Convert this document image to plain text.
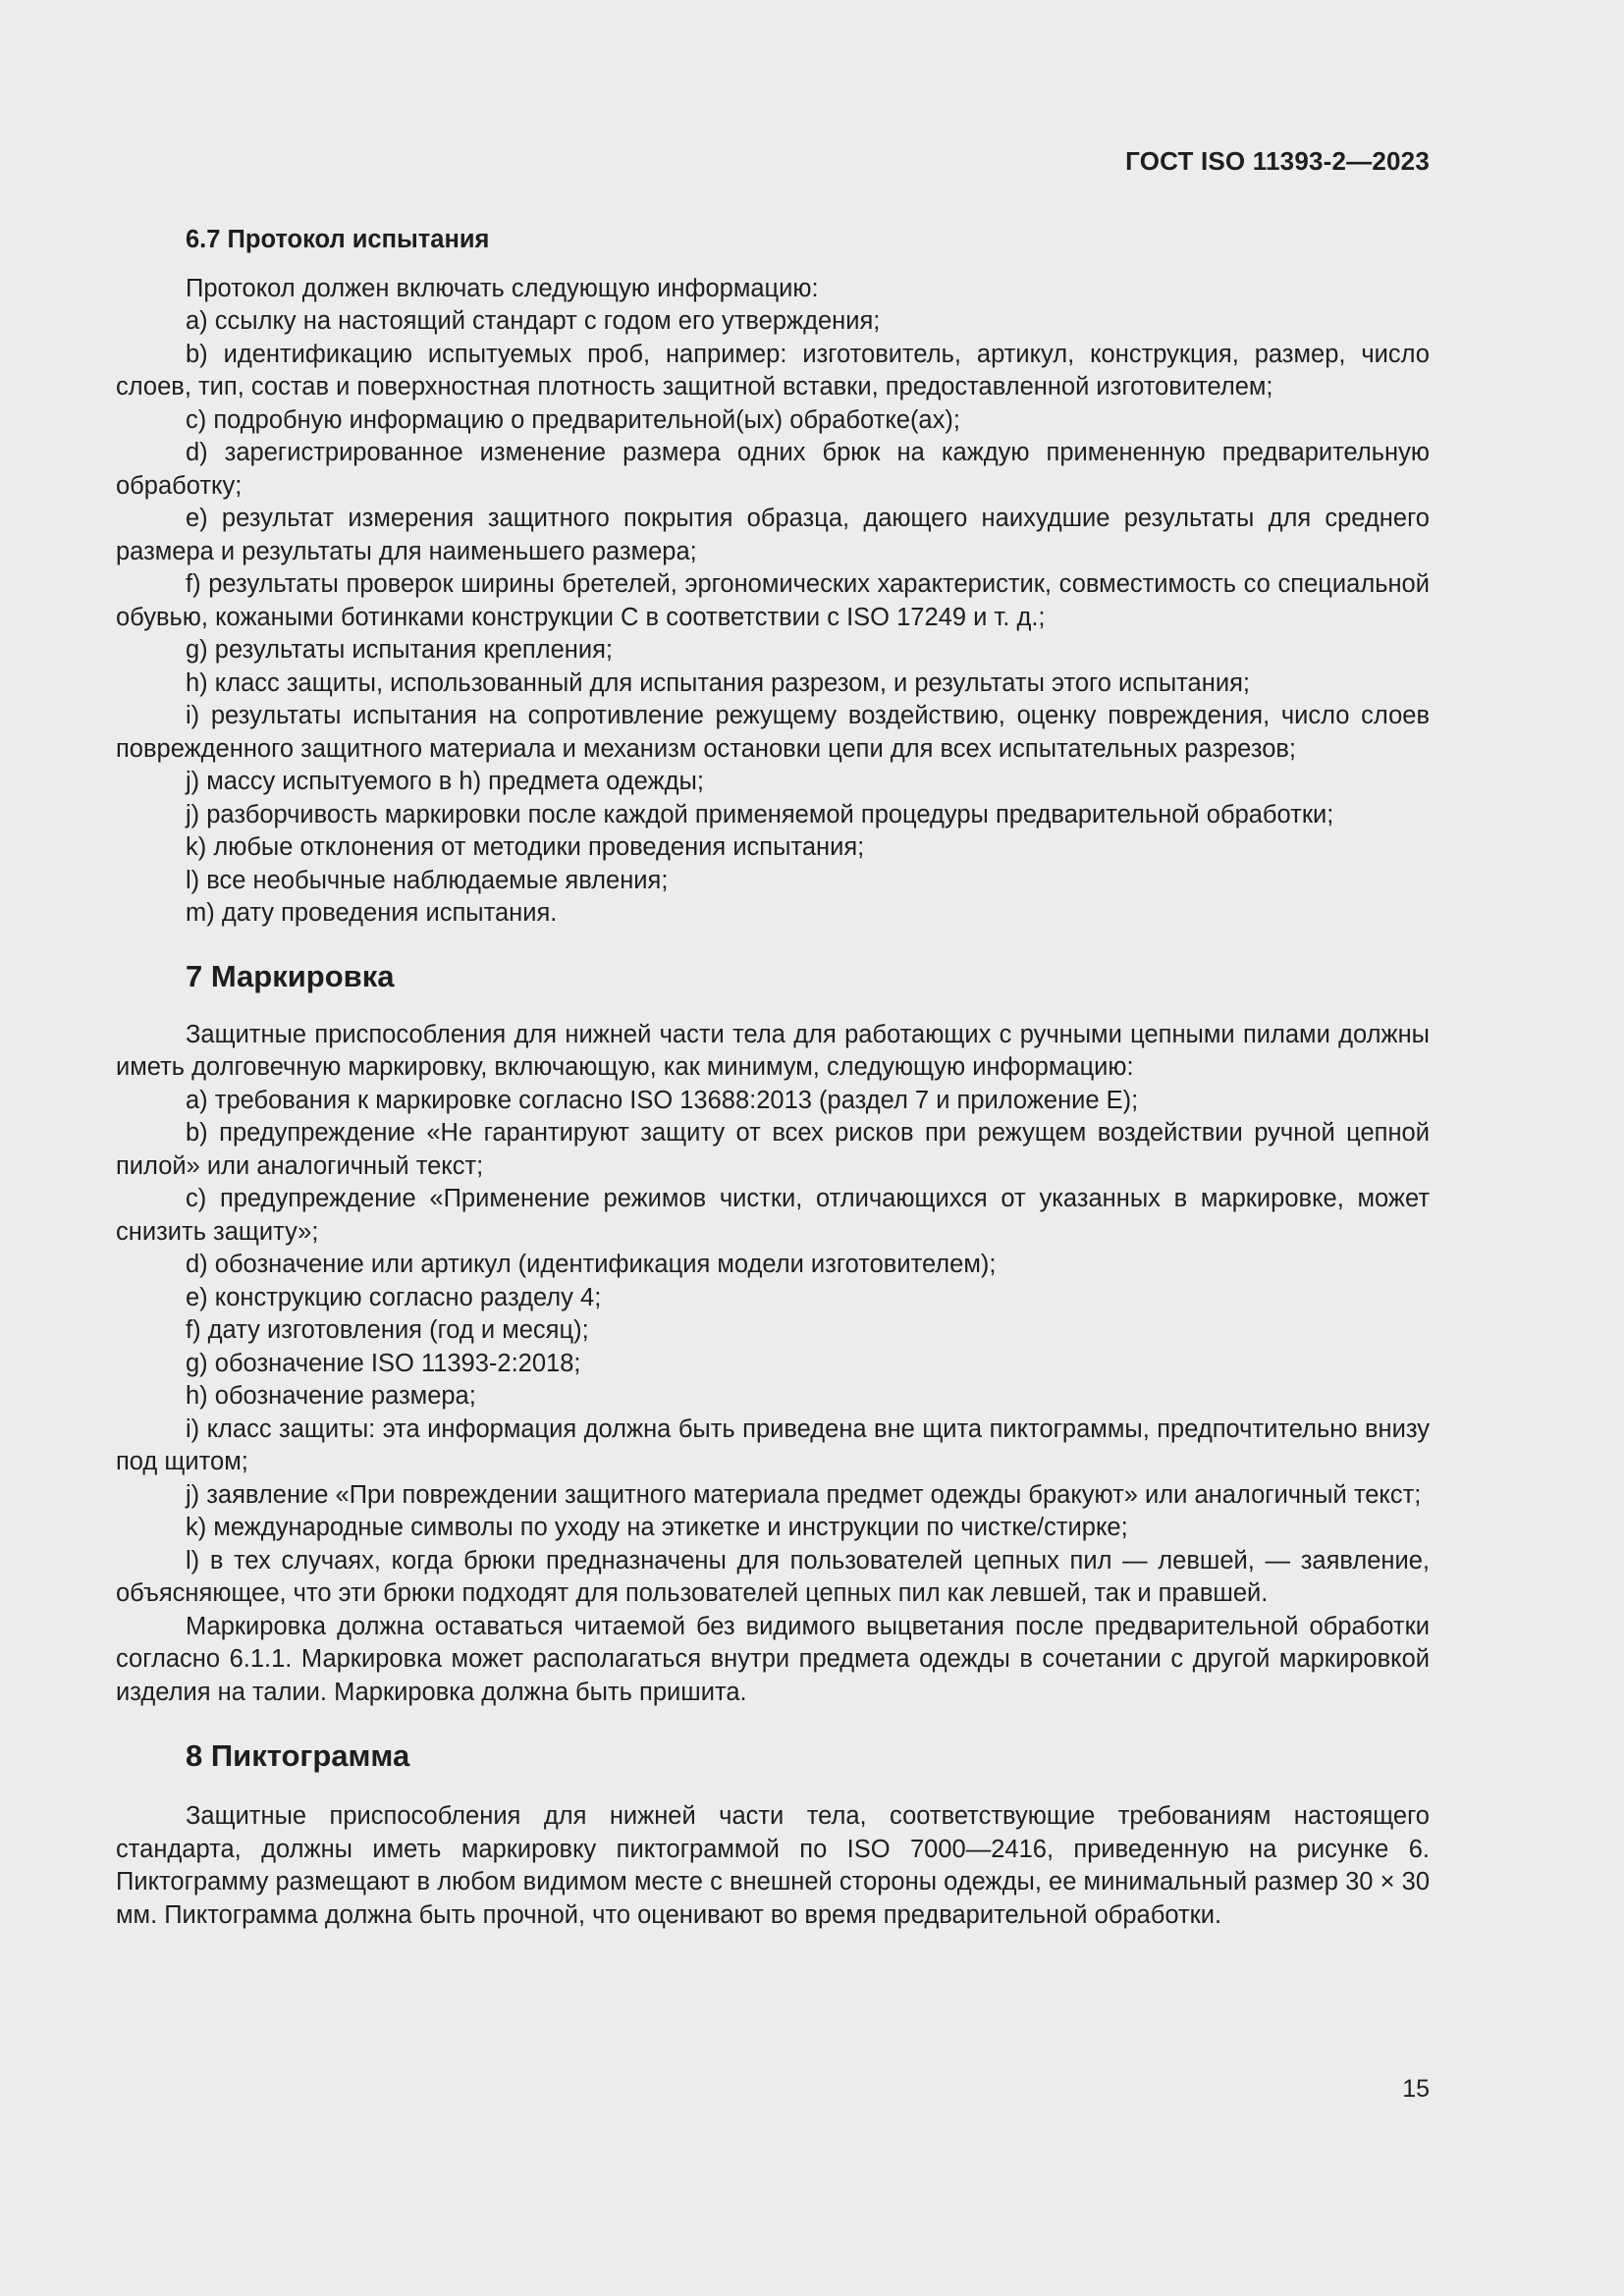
ГОСТ ISO 11393-2—2023
6.7 Протокол испытания

Протокол должен включать следующую информацию:

a) ссылку на настоящий стандарт с годом его утверждения;

b) идентификацию испытуемых проб, например: изготовитель, артикул, конструкция, размер, число слоев, тип, состав и поверхностная плотность защитной вставки, предоставленной изготовителем;

c) подробную информацию о предварительной(ых) обработке(ах);

d) зарегистрированное изменение размера одних брюк на каждую примененную предварительную обработку;

e) результат измерения защитного покрытия образца, дающего наихудшие результаты для среднего размера и результаты для наименьшего размера;

f) результаты проверок ширины бретелей, эргономических характеристик, совместимость со специальной обувью, кожаными ботинками конструкции С в соответствии с ISO 17249 и т. д.;

g) результаты испытания крепления;

h) класс защиты, использованный для испытания разрезом, и результаты этого испытания;

i) результаты испытания на сопротивление режущему воздействию, оценку повреждения, число слоев поврежденного защитного материала и механизм остановки цепи для всех испытательных разрезов;

j) массу испытуемого в h) предмета одежды;

j) разборчивость маркировки после каждой применяемой процедуры предварительной обработки;

k) любые отклонения от методики проведения испытания;

l) все необычные наблюдаемые явления;

m) дату проведения испытания.

7 Маркировка

Защитные приспособления для нижней части тела для работающих с ручными цепными пилами должны иметь долговечную маркировку, включающую, как минимум, следующую информацию:

a) требования к маркировке согласно ISO 13688:2013 (раздел 7 и приложение Е);

b) предупреждение «Не гарантируют защиту от всех рисков при режущем воздействии ручной цепной пилой» или аналогичный текст;

c) предупреждение «Применение режимов чистки, отличающихся от указанных в маркировке, может снизить защиту»;

d) обозначение или артикул (идентификация модели изготовителем);

e) конструкцию согласно разделу 4;

f) дату изготовления (год и месяц);

g) обозначение ISO 11393-2:2018;

h) обозначение размера;

i) класс защиты: эта информация должна быть приведена вне щита пиктограммы, предпочтительно внизу под щитом;

j) заявление «При повреждении защитного материала предмет одежды бракуют» или аналогичный текст;

k) международные символы по уходу на этикетке и инструкции по чистке/стирке;

l) в тех случаях, когда брюки предназначены для пользователей цепных пил — левшей, — заявление, объясняющее, что эти брюки подходят для пользователей цепных пил как левшей, так и правшей.

Маркировка должна оставаться читаемой без видимого выцветания после предварительной обработки согласно 6.1.1. Маркировка может располагаться внутри предмета одежды в сочетании с другой маркировкой изделия на талии. Маркировка должна быть пришита.

8 Пиктограмма

Защитные приспособления для нижней части тела, соответствующие требованиям настоящего стандарта, должны иметь маркировку пиктограммой по ISO 7000—2416, приведенную на рисунке 6. Пиктограмму размещают в любом видимом месте с внешней стороны одежды, ее минимальный размер 30 × 30 мм. Пиктограмма должна быть прочной, что оценивают во время предварительной обработки.

15
